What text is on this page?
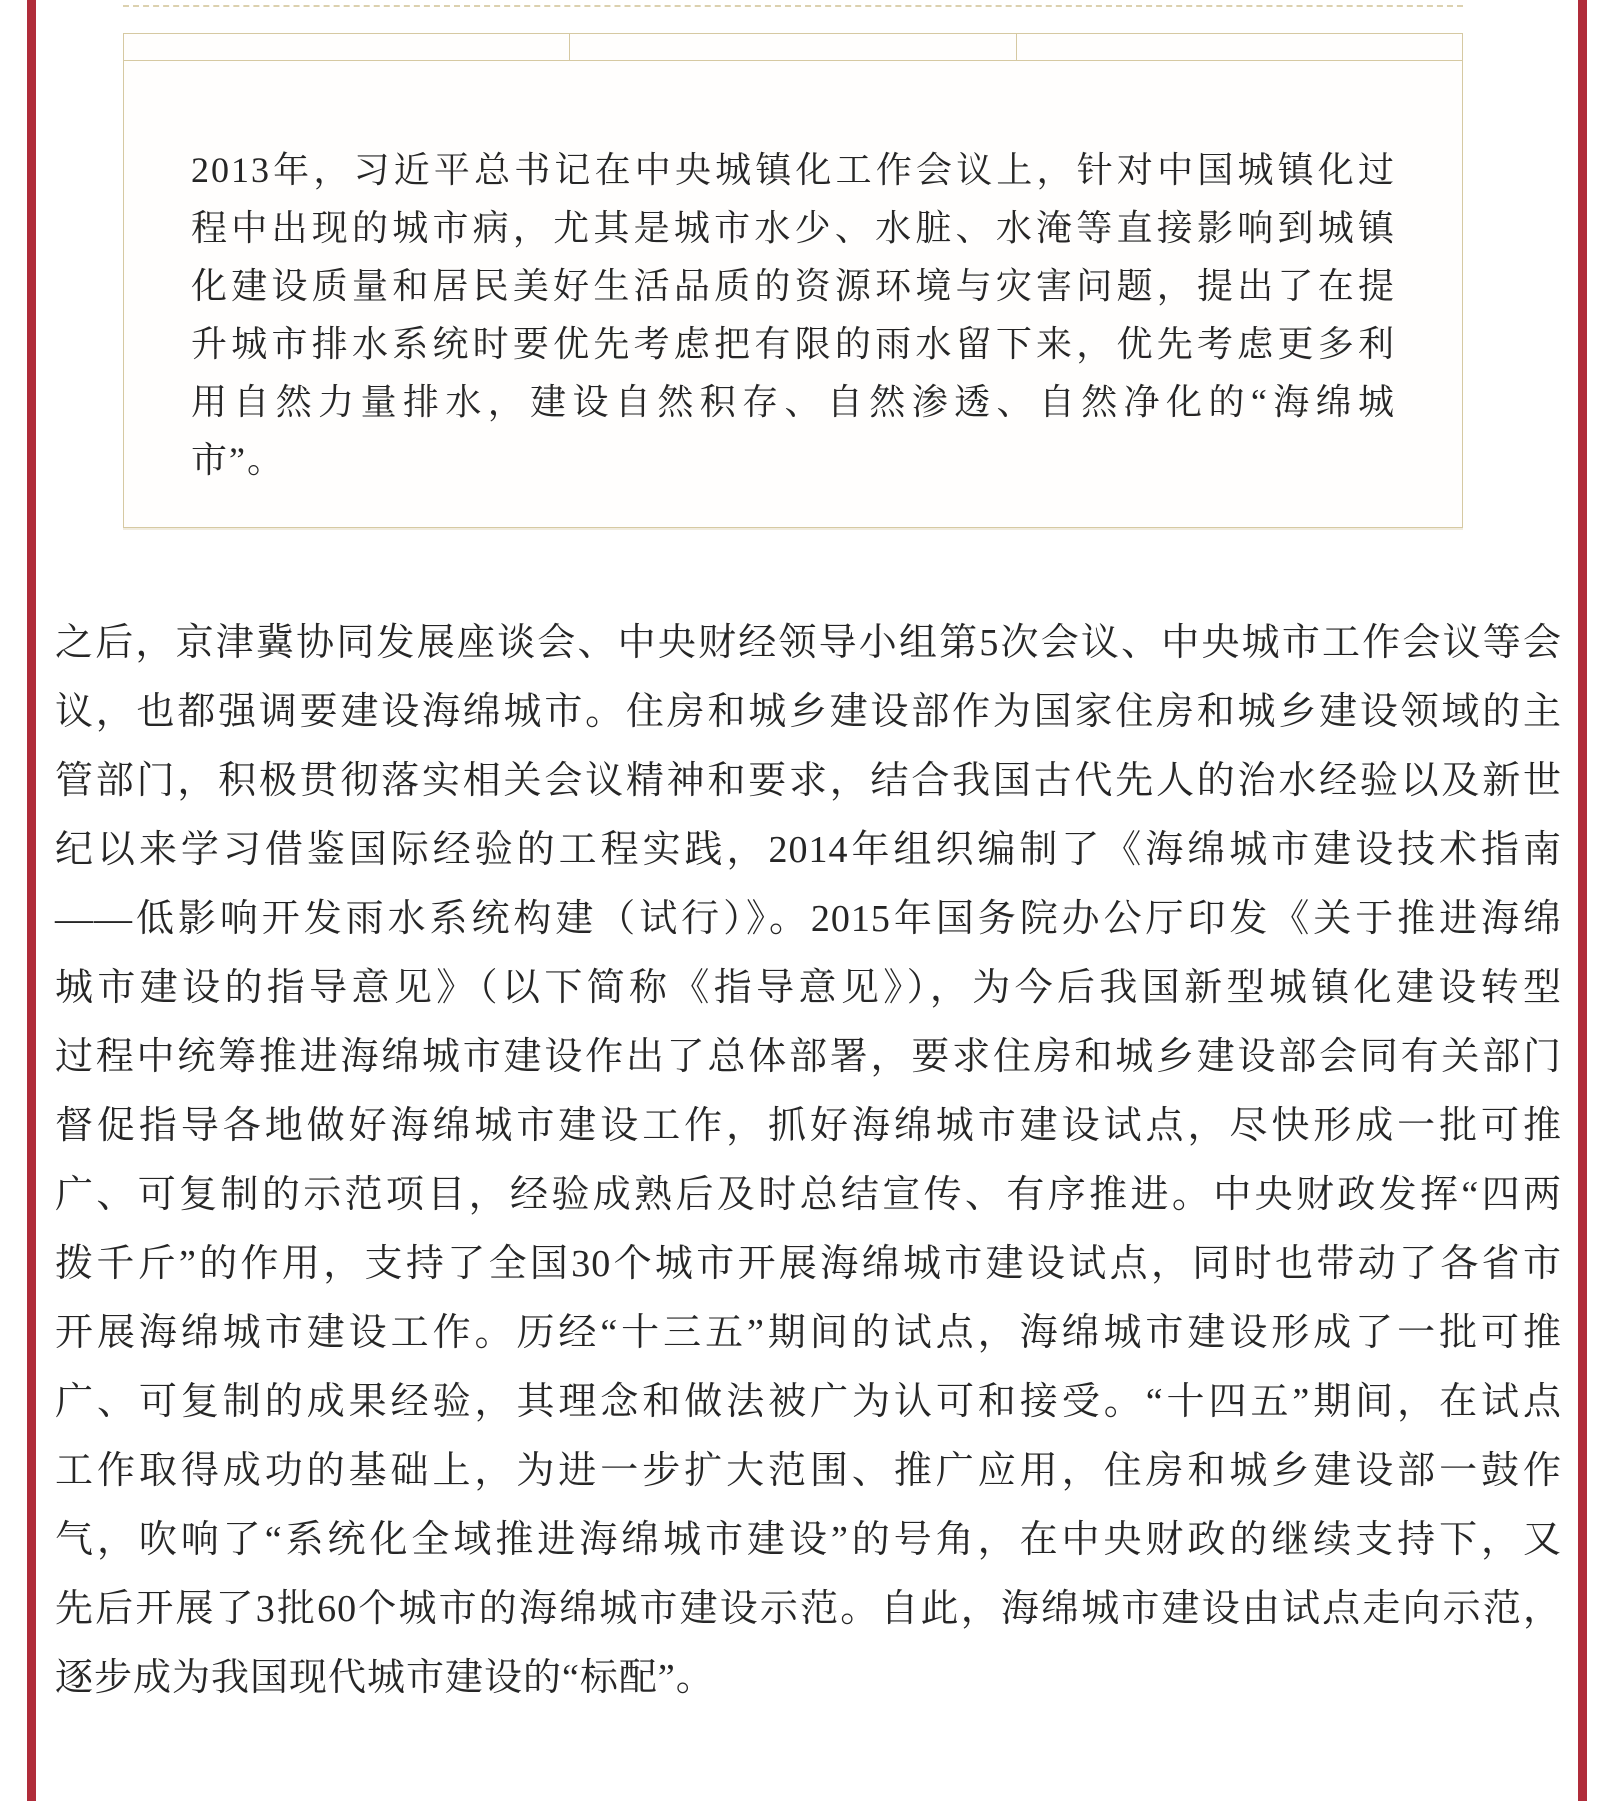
2013年，习近平总书记在中央城镇化工作会议上，针对中国城镇化过
程中出现的城市病，尤其是城市水少、水脏、水淹等直接影响到城镇
化建设质量和居民美好生活品质的资源环境与灾害问题，提出了在提
升城市排水系统时要优先考虑把有限的雨水留下来，优先考虑更多利
用自然力量排水，建设自然积存、自然渗透、自然净化的“海绵城
市”。
之后，京津冀协同发展座谈会、中央财经领导小组第5次会议、中央城市工作会议等会
议，也都强调要建设海绵城市。住房和城乡建设部作为国家住房和城乡建设领域的主
管部门，积极贯彻落实相关会议精神和要求，结合我国古代先人的治水经验以及新世
纪以来学习借鉴国际经验的工程实践，2014年组织编制了《海绵城市建设技术指南
——低影响开发雨水系统构建（试行）》。2015年国务院办公厅印发《关于推进海绵
城市建设的指导意见》（以下简称《指导意见》），为今后我国新型城镇化建设转型
过程中统筹推进海绵城市建设作出了总体部署，要求住房和城乡建设部会同有关部门
督促指导各地做好海绵城市建设工作，抓好海绵城市建设试点，尽快形成一批可推
广、可复制的示范项目，经验成熟后及时总结宣传、有序推进。中央财政发挥“四两
拨千斤”的作用，支持了全国30个城市开展海绵城市建设试点，同时也带动了各省市
开展海绵城市建设工作。历经“十三五”期间的试点，海绵城市建设形成了一批可推
广、可复制的成果经验，其理念和做法被广为认可和接受。“十四五”期间，在试点
工作取得成功的基础上，为进一步扩大范围、推广应用，住房和城乡建设部一鼓作
气，吹响了“系统化全域推进海绵城市建设”的号角，在中央财政的继续支持下，又
先后开展了3批60个城市的海绵城市建设示范。自此，海绵城市建设由试点走向示范，
逐步成为我国现代城市建设的“标配”。
